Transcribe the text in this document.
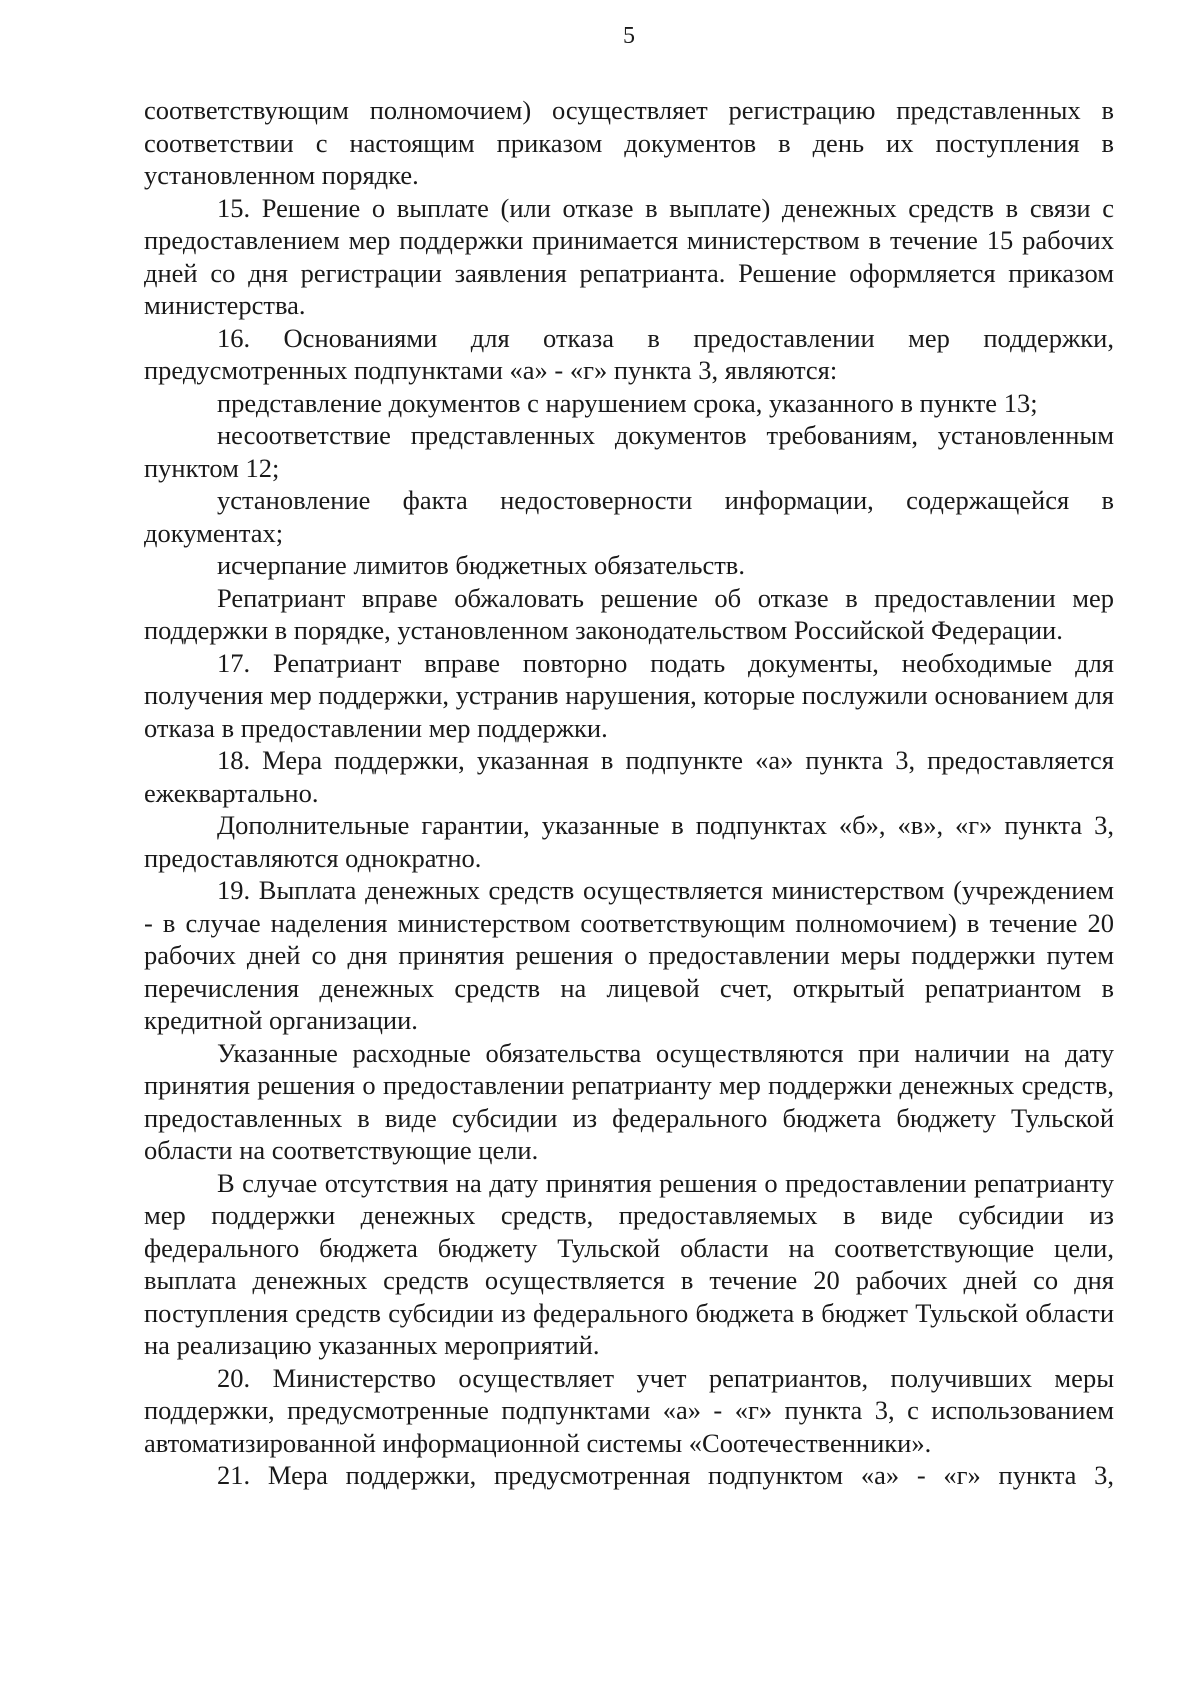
5

соответствующим полномочием) осуществляет регистрацию представленных в соответствии с настоящим приказом документов в день их поступления в установленном порядке.

15. Решение о выплате (или отказе в выплате) денежных средств в связи с предоставлением мер поддержки принимается министерством в течение 15 рабочих дней со дня регистрации заявления репатрианта. Решение оформляется приказом министерства.

16. Основаниями для отказа в предоставлении мер поддержки, предусмотренных подпунктами «а» - «г» пункта 3, являются:

представление документов с нарушением срока, указанного в пункте 13;

несоответствие представленных документов требованиям, установленным пунктом 12;

установление факта недостоверности информации, содержащейся в документах;

исчерпание лимитов бюджетных обязательств.

Репатриант вправе обжаловать решение об отказе в предоставлении мер поддержки в порядке, установленном законодательством Российской Федерации.

17. Репатриант вправе повторно подать документы, необходимые для получения мер поддержки, устранив нарушения, которые послужили основанием для отказа в предоставлении мер поддержки.

18. Мера поддержки, указанная в подпункте «а» пункта 3, предоставляется ежеквартально.

Дополнительные гарантии, указанные в подпунктах «б», «в», «г» пункта 3, предоставляются однократно.

19. Выплата денежных средств осуществляется министерством (учреждением - в случае наделения министерством соответствующим полномочием) в течение 20 рабочих дней со дня принятия решения о предоставлении меры поддержки путем перечисления денежных средств на лицевой счет, открытый репатриантом в кредитной организации.

Указанные расходные обязательства осуществляются при наличии на дату принятия решения о предоставлении репатрианту мер поддержки денежных средств, предоставленных в виде субсидии из федерального бюджета бюджету Тульской области на соответствующие цели.

В случае отсутствия на дату принятия решения о предоставлении репатрианту мер поддержки денежных средств, предоставляемых в виде субсидии из федерального бюджета бюджету Тульской области на соответствующие цели, выплата денежных средств осуществляется в течение 20 рабочих дней со дня поступления средств субсидии из федерального бюджета в бюджет Тульской области на реализацию указанных мероприятий.

20. Министерство осуществляет учет репатриантов, получивших меры поддержки, предусмотренные подпунктами «а» - «г» пункта 3, с использованием автоматизированной информационной системы «Соотечественники».

21. Мера поддержки, предусмотренная подпунктом «а» - «г» пункта 3,
